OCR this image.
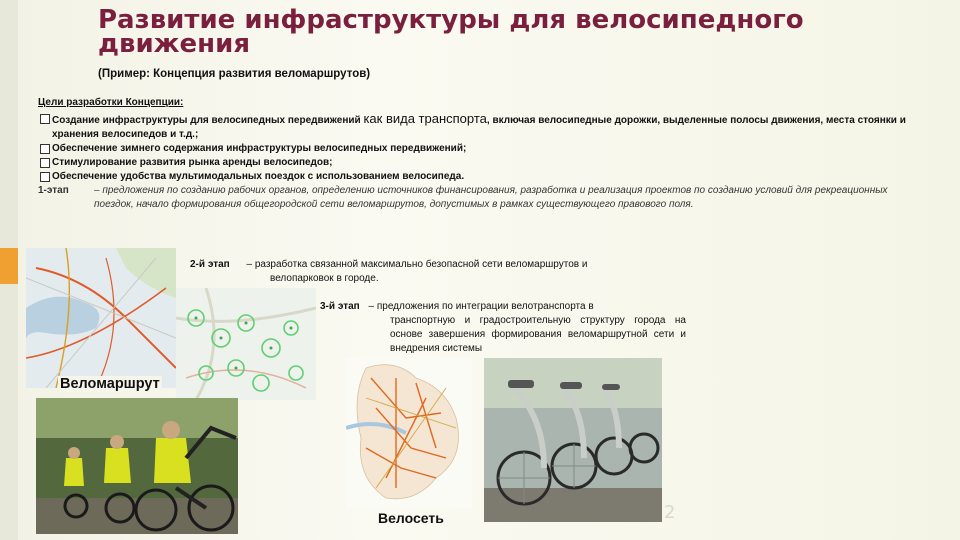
Развитие инфраструктуры для велосипедного движения

(Пример: Концепция развития веломаршрутов)

Цели разработки Концепции:

Создание инфраструктуры для велосипедных передвижений как вида транспорта, включая велосипедные дорожки, выделенные полосы движения, места стоянки и хранения велосипедов и т.д.;

Обеспечение зимнего содержания инфраструктуры велосипедных передвижений;

Стимулирование развития рынка аренды велосипедов;

Обеспечение удобства мультимодальных поездок с использованием велосипеда.

1-этап	– предложения по созданию рабочих органов, определению источников финансирования, разработка и реализация проектов по созданию условий для рекреационных поездок, начало формирования общегородской сети веломаршрутов, допустимых в рамках существующего правового поля.

2-й этап – разработка связанной максимально безопасной сети веломаршрутов и
велопарковок в городе.

3-й этап – предложения по интеграции велотранспорта в
транспортную и градостроительную структуру города на основе завершения формирования веломаршрутной сети и внедрения системы

Веломаршрут

Велосеть	2
